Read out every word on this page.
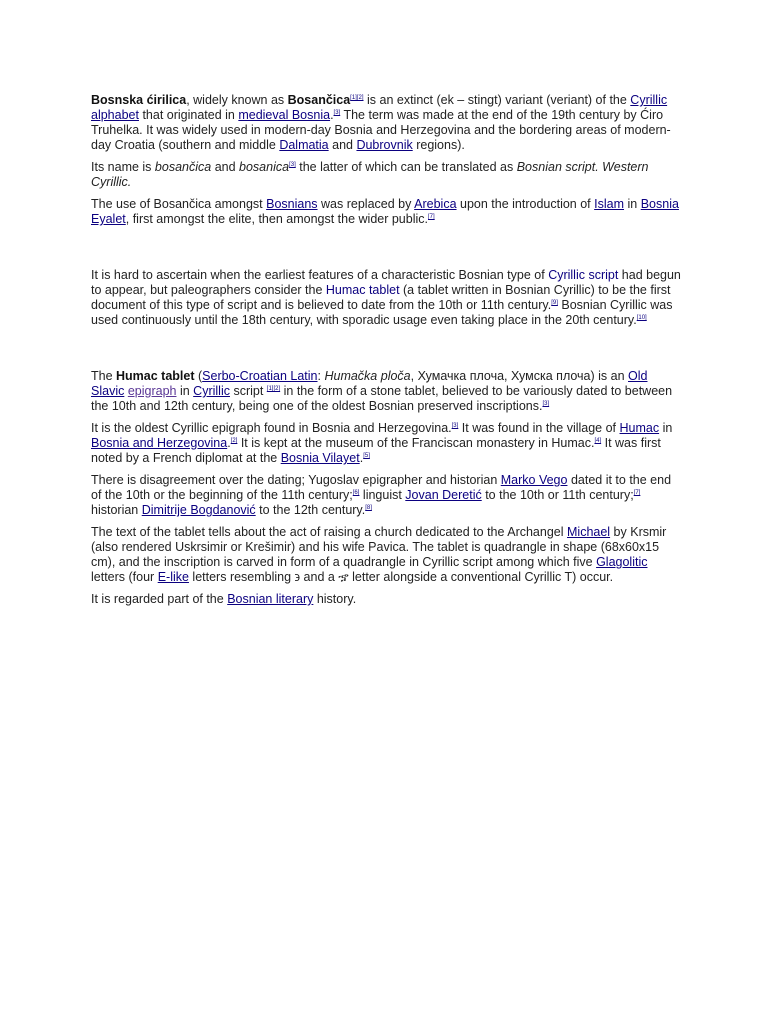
Bosnska ćirilica, widely known as Bosančica[1][2] is an extinct (ek – stingt) variant (veriant) of the Cyrillic alphabet that originated in medieval Bosnia.[3] The term was made at the end of the 19th century by Ćiro Truhelka. It was widely used in modern-day Bosnia and Herzegovina and the bordering areas of modern-day Croatia (southern and middle Dalmatia and Dubrovnik regions).

Its name is bosančica and bosanica[3] the latter of which can be translated as Bosnian script. Western Cyrillic.

The use of Bosančica amongst Bosnians was replaced by Arebica upon the introduction of Islam in Bosnia Eyalet, first amongst the elite, then amongst the wider public.[7]

It is hard to ascertain when the earliest features of a characteristic Bosnian type of Cyrillic script had begun to appear, but paleographers consider the Humac tablet (a tablet written in Bosnian Cyrillic) to be the first document of this type of script and is believed to date from the 10th or 11th century.[9] Bosnian Cyrillic was used continuously until the 18th century, with sporadic usage even taking place in the 20th century.[10]

The Humac tablet (Serbo-Croatian Latin: Humačka ploča, Хумачка плоча, Хумска плоча) is an Old Slavic epigraph in Cyrillic script [1][2] in the form of a stone tablet, believed to be variously dated to between the 10th and 12th century, being one of the oldest Bosnian preserved inscriptions.[3]

It is the oldest Cyrillic epigraph found in Bosnia and Herzegovina.[3] It was found in the village of Humac in Bosnia and Herzegovina.[2] It is kept at the museum of the Franciscan monastery in Humac.[4] It was first noted by a French diplomat at the Bosnia Vilayet.[5]

There is disagreement over the dating; Yugoslav epigrapher and historian Marko Vego dated it to the end of the 10th or the beginning of the 11th century;[6] linguist Jovan Deretić to the 10th or 11th century;[7] historian Dimitrije Bogdanović to the 12th century.[8]

The text of the tablet tells about the act of raising a church dedicated to the Archangel Michael by Krsmir (also rendered Uskrsimir or Krešimir) and his wife Pavica. The tablet is quadrangle in shape (68x60x15 cm), and the inscription is carved in form of a quadrangle in Cyrillic script among which five Glagolitic letters (four E-like letters resembling ϶ and a ኇ letter alongside a conventional Cyrillic T) occur.

It is regarded part of the Bosnian literary history.
